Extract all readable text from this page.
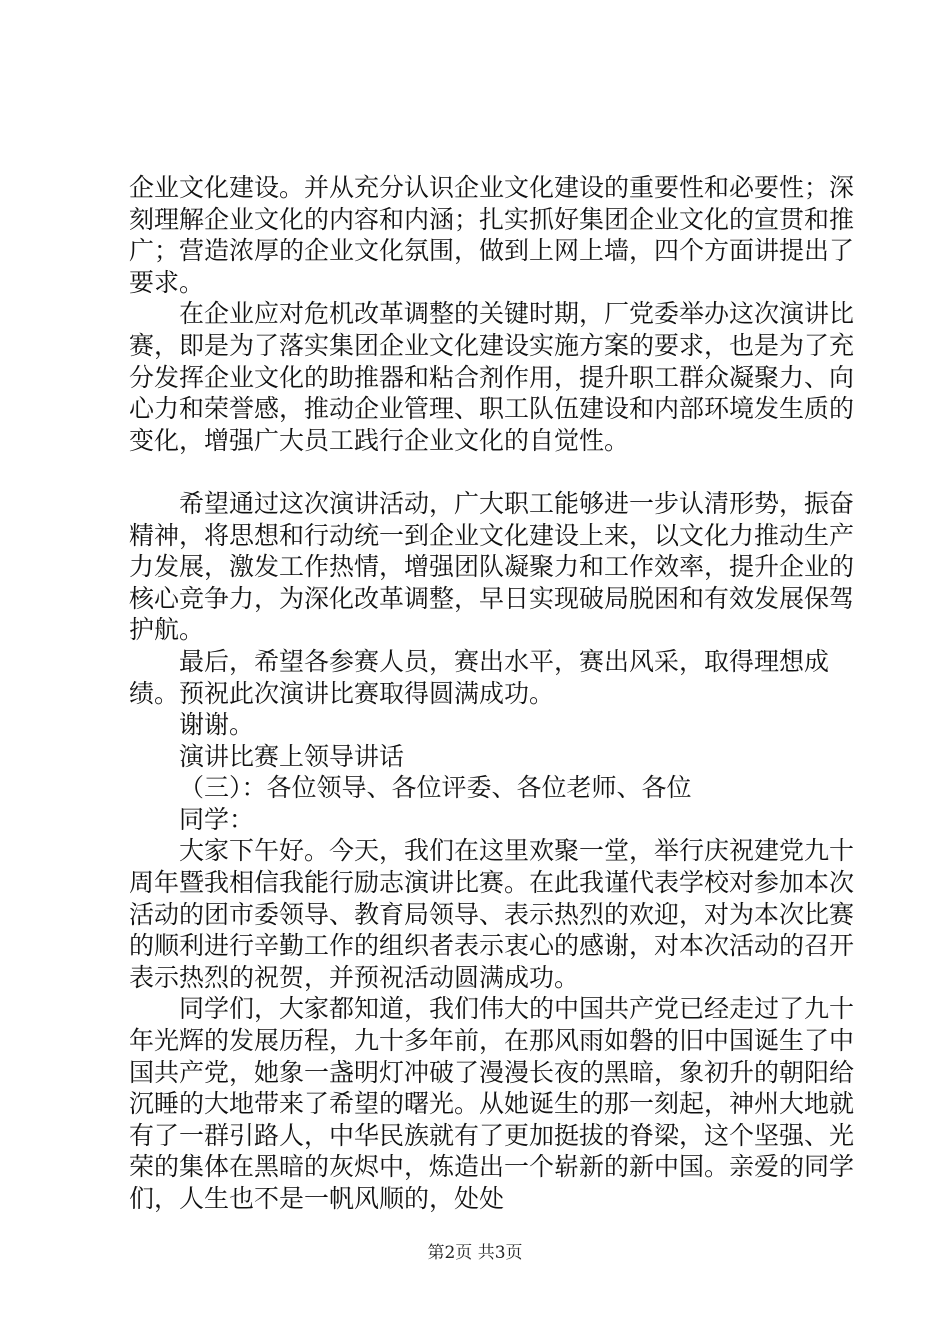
企业文化建设。并从充分认识企业文化建设的重要性和必要性；深刻理解企业文化的内容和内涵；扎实抓好集团企业文化的宣贯和推广；营造浓厚的企业文化氛围，做到上网上墙，四个方面讲提出了要求。

在企业应对危机改革调整的关键时期，厂党委举办这次演讲比赛，即是为了落实集团企业文化建设实施方案的要求，也是为了充分发挥企业文化的助推器和粘合剂作用，提升职工群众凝聚力、向心力和荣誉感，推动企业管理、职工队伍建设和内部环境发生质的变化，增强广大员工践行企业文化的自觉性。

希望通过这次演讲活动，广大职工能够进一步认清形势，振奋精神，将思想和行动统一到企业文化建设上来，以文化力推动生产力发展，激发工作热情，增强团队凝聚力和工作效率，提升企业的核心竞争力，为深化改革调整，早日实现破局脱困和有效发展保驾护航。

最后，希望各参赛人员，赛出水平，赛出风采，取得理想成绩。预祝此次演讲比赛取得圆满成功。

谢谢。

演讲比赛上领导讲话

（三）：各位领导、各位评委、各位老师、各位

同学：

大家下午好。今天，我们在这里欢聚一堂，举行庆祝建党九十周年暨我相信我能行励志演讲比赛。在此我谨代表学校对参加本次活动的团市委领导、教育局领导、表示热烈的欢迎，对为本次比赛的顺利进行辛勤工作的组织者表示衷心的感谢，对本次活动的召开表示热烈的祝贺，并预祝活动圆满成功。

同学们，大家都知道，我们伟大的中国共产党已经走过了九十年光辉的发展历程，九十多年前，在那风雨如磐的旧中国诞生了中国共产党，她象一盏明灯冲破了漫漫长夜的黑暗，象初升的朝阳给沉睡的大地带来了希望的曙光。从她诞生的那一刻起，神州大地就有了一群引路人，中华民族就有了更加挺拔的脊梁，这个坚强、光荣的集体在黑暗的灰烬中，炼造出一个崭新的新中国。亲爱的同学们，人生也不是一帆风顺的，处处

第2页 共3页
